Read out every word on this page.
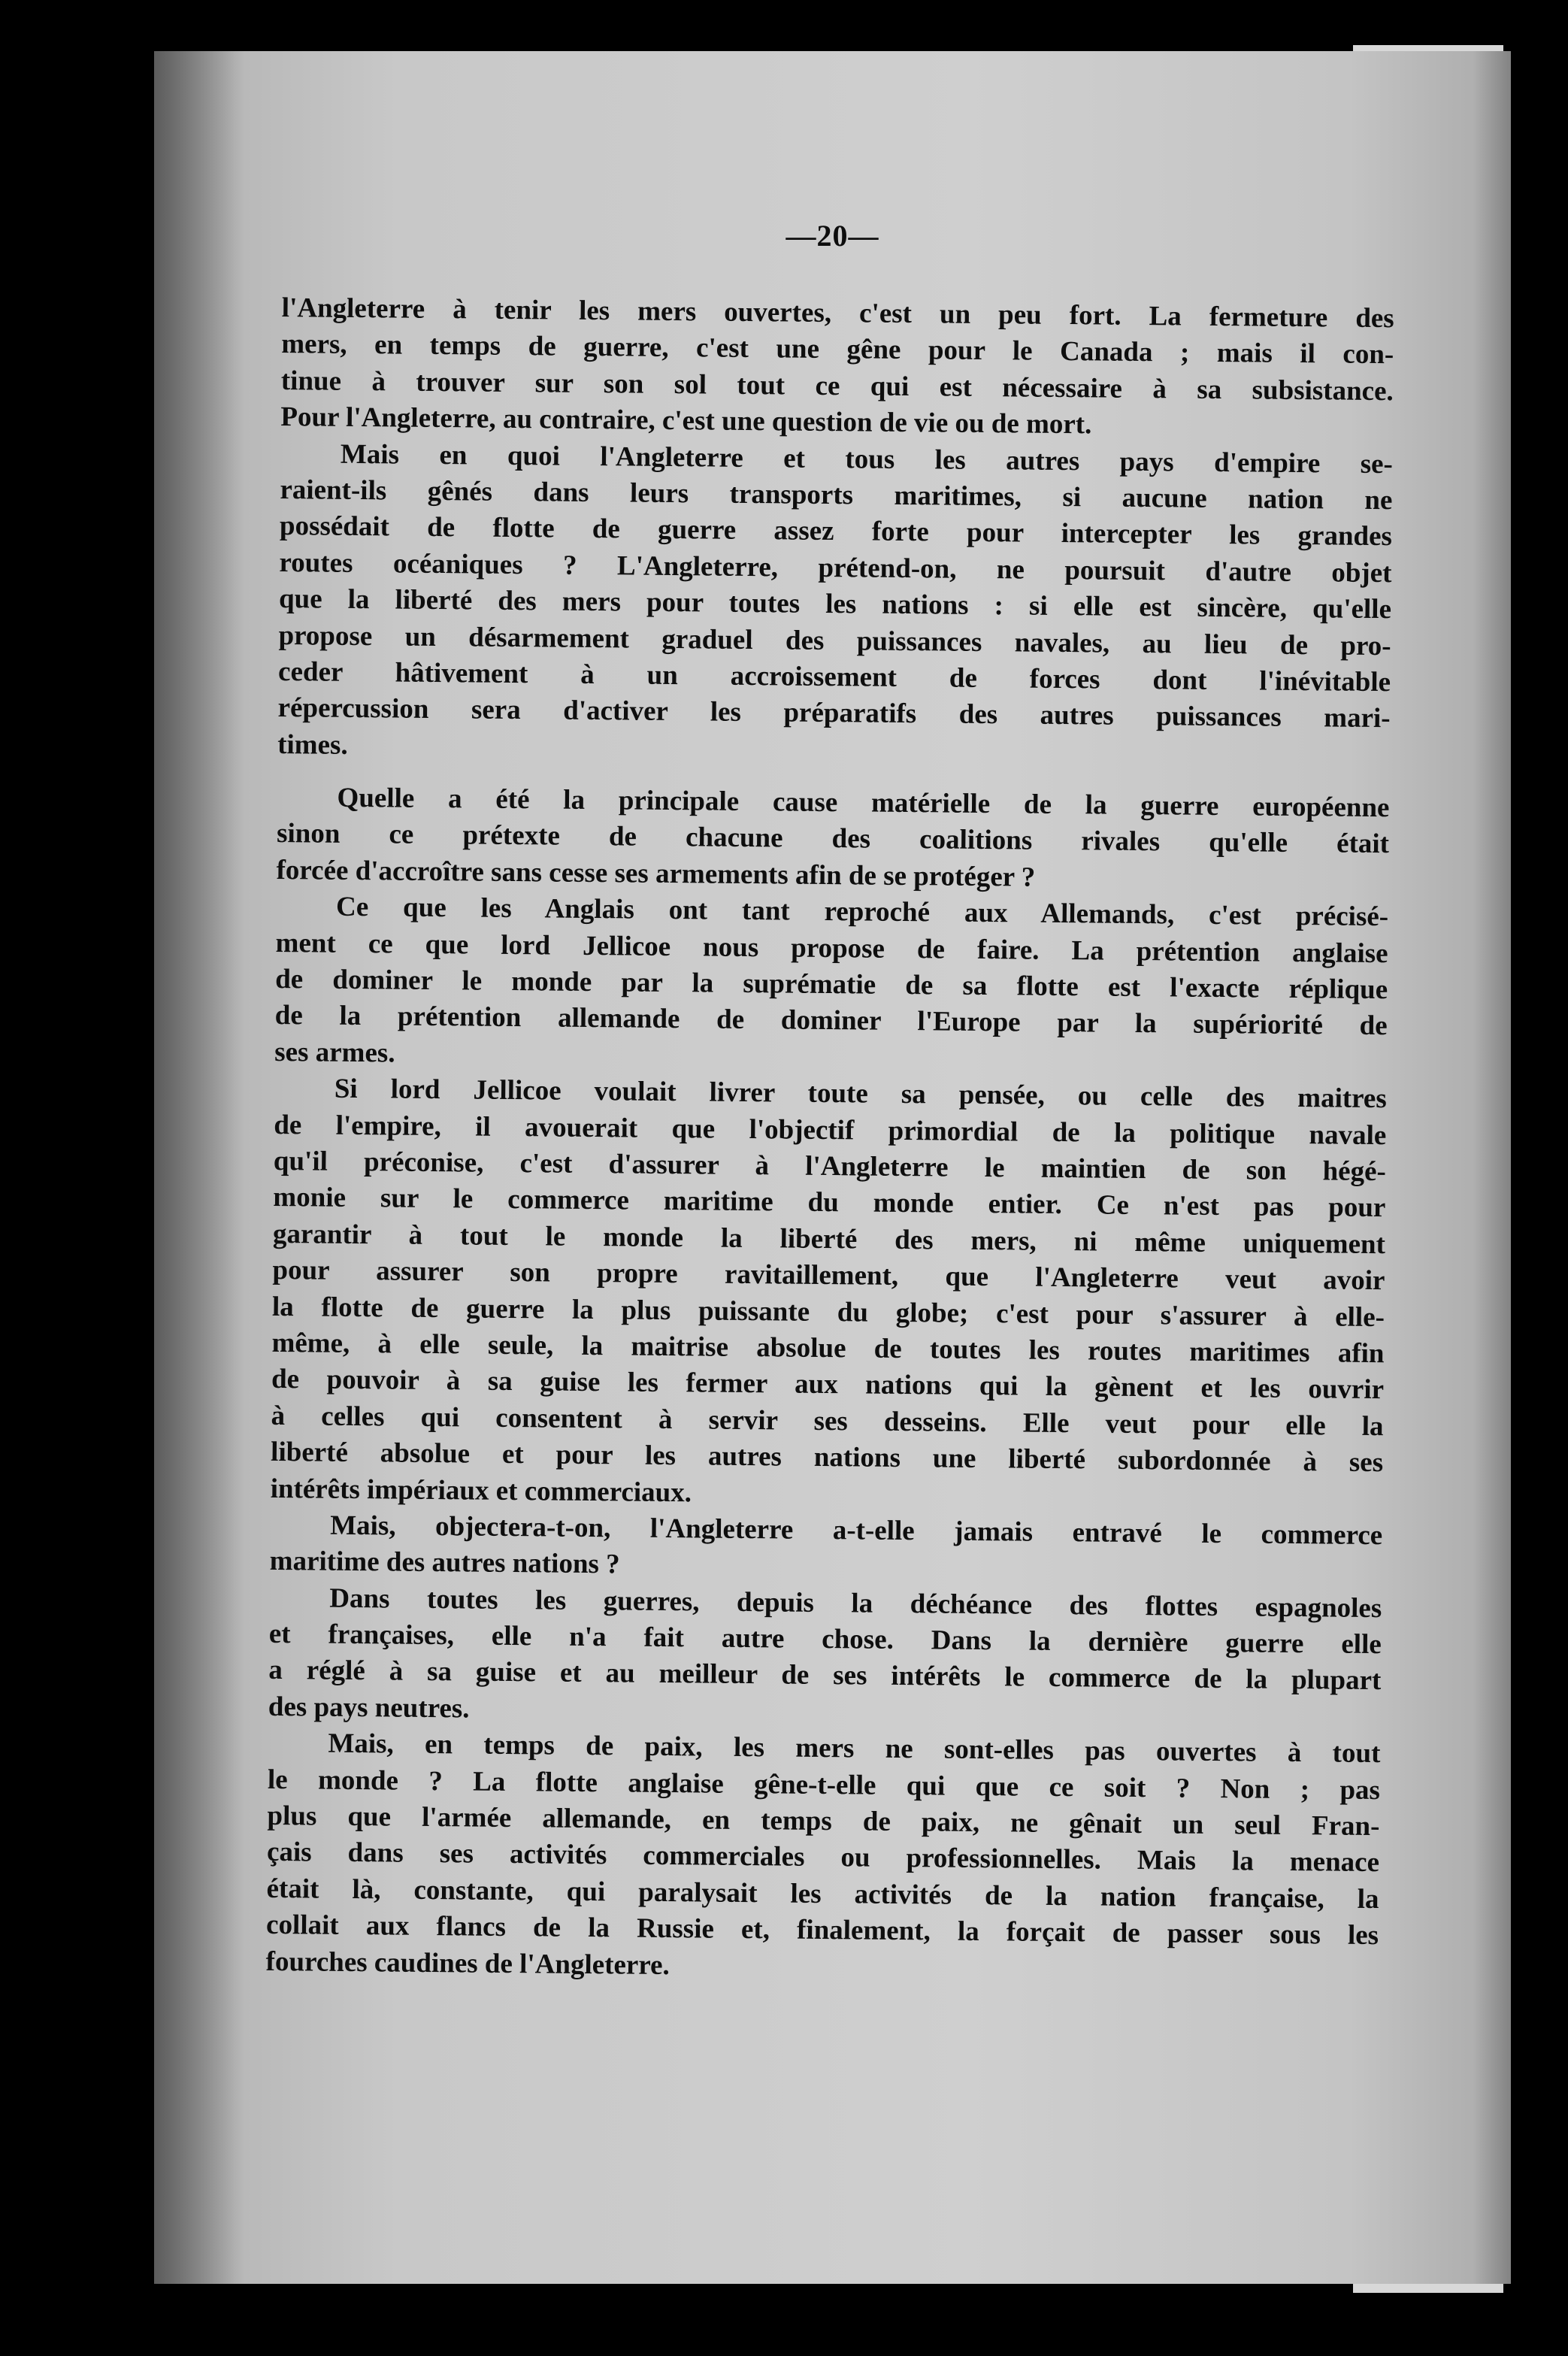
—20—
l'Angleterre à tenir les mers ouvertes, c'est un peu fort. La fermeture des
mers, en temps de guerre, c'est une gêne pour le Canada ; mais il con-
tinue à trouver sur son sol tout ce qui est nécessaire à sa subsistance.
Pour l'Angleterre, au contraire, c'est une question de vie ou de mort.
Mais en quoi l'Angleterre et tous les autres pays d'empire se-
raient-ils gênés dans leurs transports maritimes, si aucune nation ne
possédait de flotte de guerre assez forte pour intercepter les grandes
routes océaniques ? L'Angleterre, prétend-on, ne poursuit d'autre objet
que la liberté des mers pour toutes les nations : si elle est sincère, qu'elle
propose un désarmement graduel des puissances navales, au lieu de pro-
ceder hâtivement à un accroissement de forces dont l'inévitable
répercussion sera d'activer les préparatifs des autres puissances mari-
times.
Quelle a été la principale cause matérielle de la guerre européenne
sinon ce prétexte de chacune des coalitions rivales qu'elle était
forcée d'accroître sans cesse ses armements afin de se protéger ?
Ce que les Anglais ont tant reproché aux Allemands, c'est précisé-
ment ce que lord Jellicoe nous propose de faire. La prétention anglaise
de dominer le monde par la suprématie de sa flotte est l'exacte réplique
de la prétention allemande de dominer l'Europe par la supériorité de
ses armes.
Si lord Jellicoe voulait livrer toute sa pensée, ou celle des maitres
de l'empire, il avouerait que l'objectif primordial de la politique navale
qu'il préconise, c'est d'assurer à l'Angleterre le maintien de son hégé-
monie sur le commerce maritime du monde entier. Ce n'est pas pour
garantir à tout le monde la liberté des mers, ni même uniquement
pour assurer son propre ravitaillement, que l'Angleterre veut avoir
la flotte de guerre la plus puissante du globe; c'est pour s'assurer à elle-
même, à elle seule, la maitrise absolue de toutes les routes maritimes afin
de pouvoir à sa guise les fermer aux nations qui la gènent et les ouvrir
à celles qui consentent à servir ses desseins. Elle veut pour elle la
liberté absolue et pour les autres nations une liberté subordonnée à ses
intérêts impériaux et commerciaux.
Mais, objectera-t-on, l'Angleterre a-t-elle jamais entravé le commerce
maritime des autres nations ?
Dans toutes les guerres, depuis la déchéance des flottes espagnoles
et françaises, elle n'a fait autre chose. Dans la dernière guerre elle
a réglé à sa guise et au meilleur de ses intérêts le commerce de la plupart
des pays neutres.
Mais, en temps de paix, les mers ne sont-elles pas ouvertes à tout
le monde ? La flotte anglaise gêne-t-elle qui que ce soit ? Non ; pas
plus que l'armée allemande, en temps de paix, ne gênait un seul Fran-
çais dans ses activités commerciales ou professionnelles. Mais la menace
était là, constante, qui paralysait les activités de la nation française, la
collait aux flancs de la Russie et, finalement, la forçait de passer sous les
fourches caudines de l'Angleterre.
